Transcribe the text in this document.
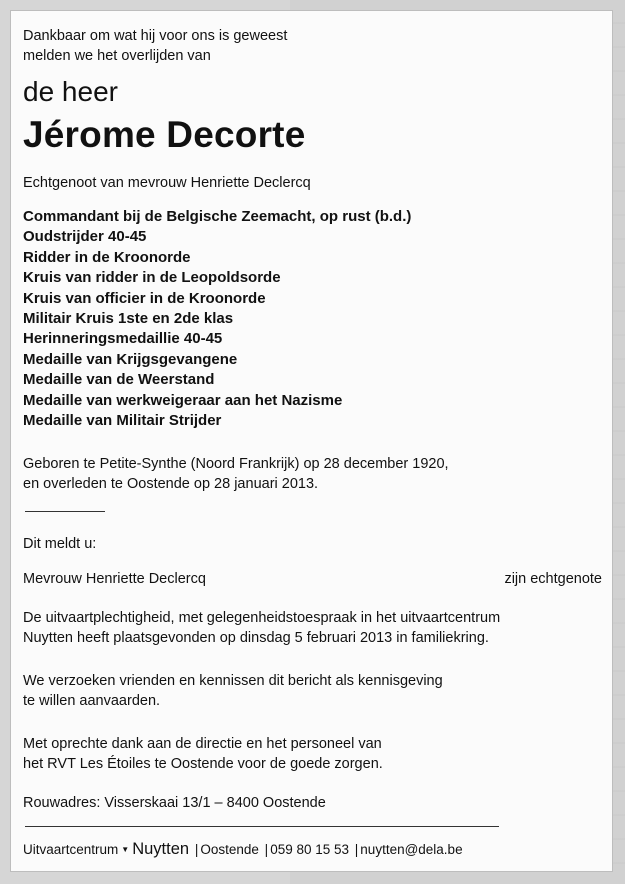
Dankbaar om wat hij voor ons is geweest
melden we het overlijden van
de heer
Jérome Decorte
Echtgenoot van mevrouw Henriette Declercq
Commandant bij de Belgische Zeemacht, op rust (b.d.)
Oudstrijder 40-45
Ridder in de Kroonorde
Kruis van ridder in de Leopoldsorde
Kruis van officier in de Kroonorde
Militair Kruis 1ste en 2de klas
Herinneringsmedaillie 40-45
Medaille van Krijgsgevangene
Medaille van de Weerstand
Medaille van werkweigeraar aan het Nazisme
Medaille van Militair Strijder
Geboren te Petite-Synthe (Noord Frankrijk) op 28 december 1920,
en overleden te Oostende op 28 januari 2013.
Dit meldt u:
Mevrouw Henriette Declercq	zijn echtgenote
De uitvaartplechtigheid, met gelegenheidstoespraak in het uitvaartcentrum
Nuytten heeft plaatsgevonden op dinsdag 5 februari 2013 in familiekring.
We verzoeken vrienden en kennissen dit bericht als kennisgeving
te willen aanvaarden.
Met oprechte dank aan de directie en het personeel van
het RVT Les Étoiles te Oostende voor de goede zorgen.
Rouwadres: Visserskaai 13/1 – 8400 Oostende
Uitvaartcentrum ▼ Nuytten | Oostende | 059 80 15 53 | nuytten@dela.be
